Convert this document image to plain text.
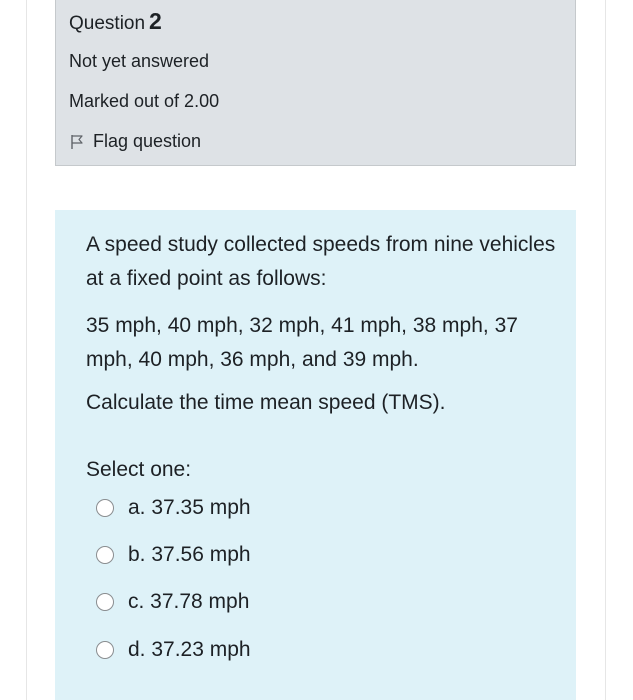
Question 2
Not yet answered
Marked out of 2.00
Flag question
A speed study collected speeds from nine vehicles at a fixed point as follows:
35 mph, 40 mph, 32 mph, 41 mph, 38 mph, 37 mph, 40 mph, 36 mph, and 39 mph.
Calculate the time mean speed (TMS).
Select one:
a. 37.35 mph
b. 37.56 mph
c. 37.78 mph
d. 37.23 mph
